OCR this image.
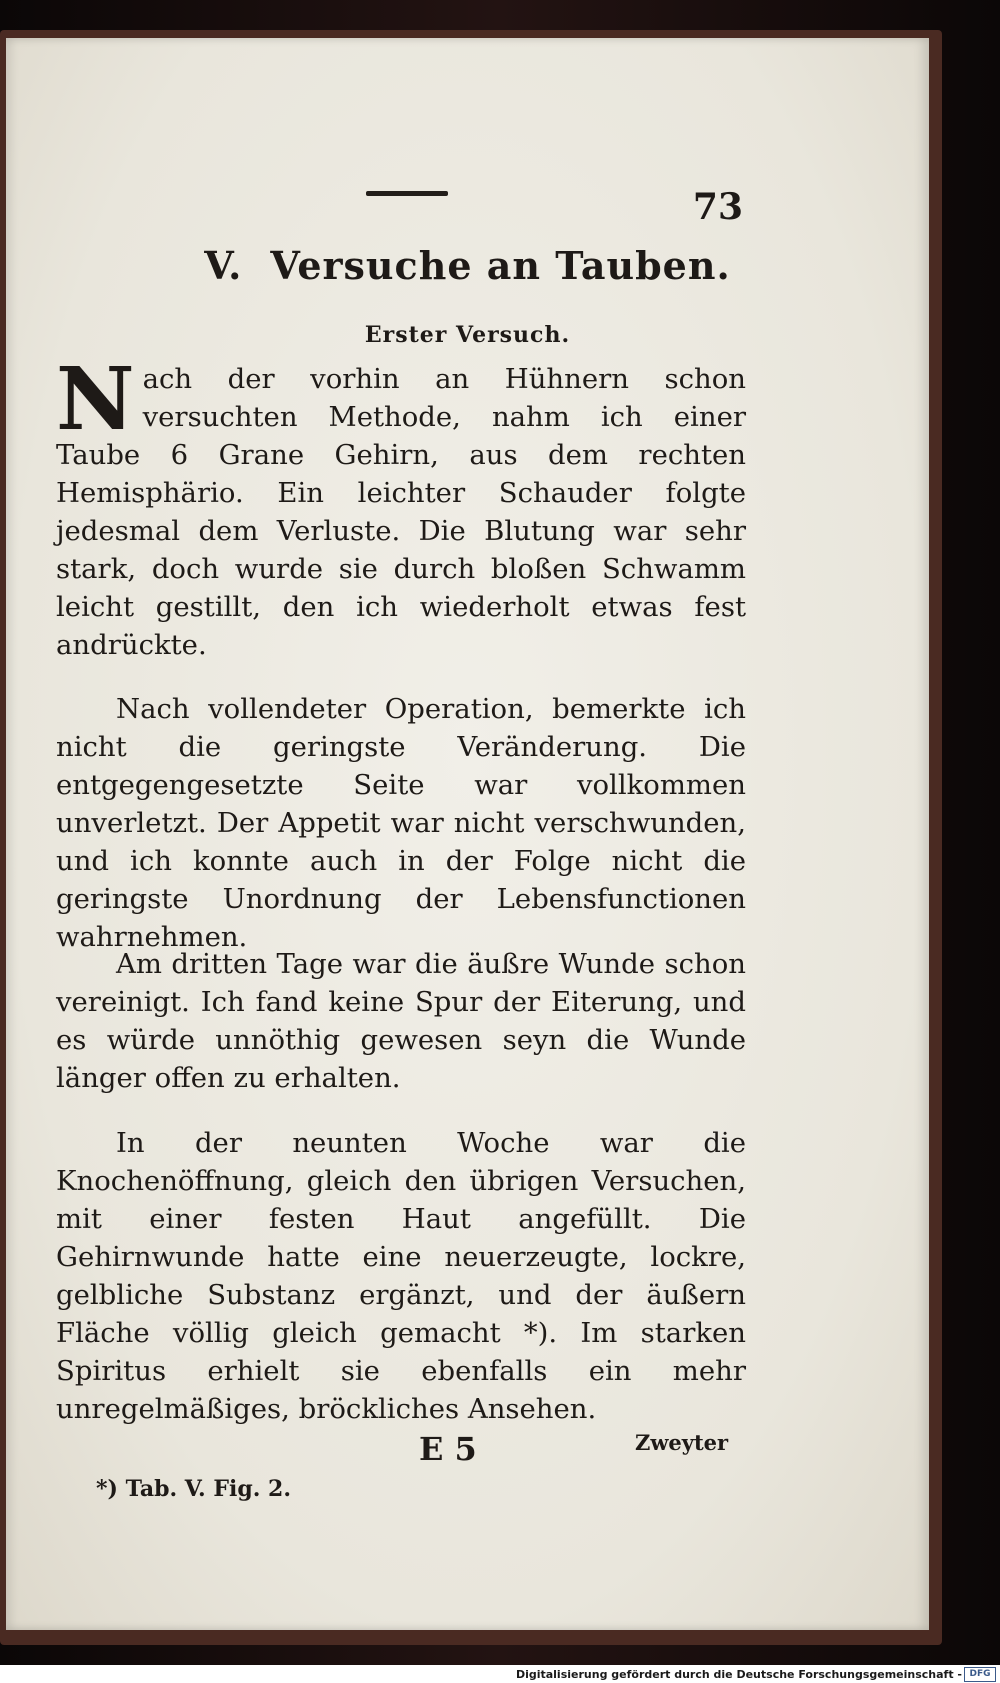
73
V. Versuche an Tauben.
Erster Versuch.
Nach der vorhin an Hühnern schon versuchten Methode, nahm ich einer Taube 6 Grane Gehirn, aus dem rechten Hemisphärio. Ein leichter Schauder folgte jedesmal dem Verluste. Die Blutung war sehr stark, doch wurde sie durch bloßen Schwamm leicht gestillt, den ich wiederholt etwas fest andrückte.
Nach vollendeter Operation, bemerkte ich nicht die geringste Veränderung. Die entgegengesetzte Seite war vollkommen unverletzt. Der Appetit war nicht verschwunden, und ich konnte auch in der Folge nicht die geringste Unordnung der Lebensfunctionen wahrnehmen.
Am dritten Tage war die äußre Wunde schon vereinigt. Ich fand keine Spur der Eiterung, und es würde unnöthig gewesen seyn die Wunde länger offen zu erhalten.
In der neunten Woche war die Knochenöffnung, gleich den übrigen Versuchen, mit einer festen Haut angefüllt. Die Gehirnwunde hatte eine neuerzeugte, lockre, gelbliche Substanz ergänzt, und der äußern Fläche völlig gleich gemacht *). Im starken Spiritus erhielt sie ebenfalls ein mehr unregelmäßiges, bröckliches Ansehen.
E 5	Zweyter
*) Tab. V. Fig. 2.
Digitalisierung gefördert durch die Deutsche Forschungsgemeinschaft - DFG
